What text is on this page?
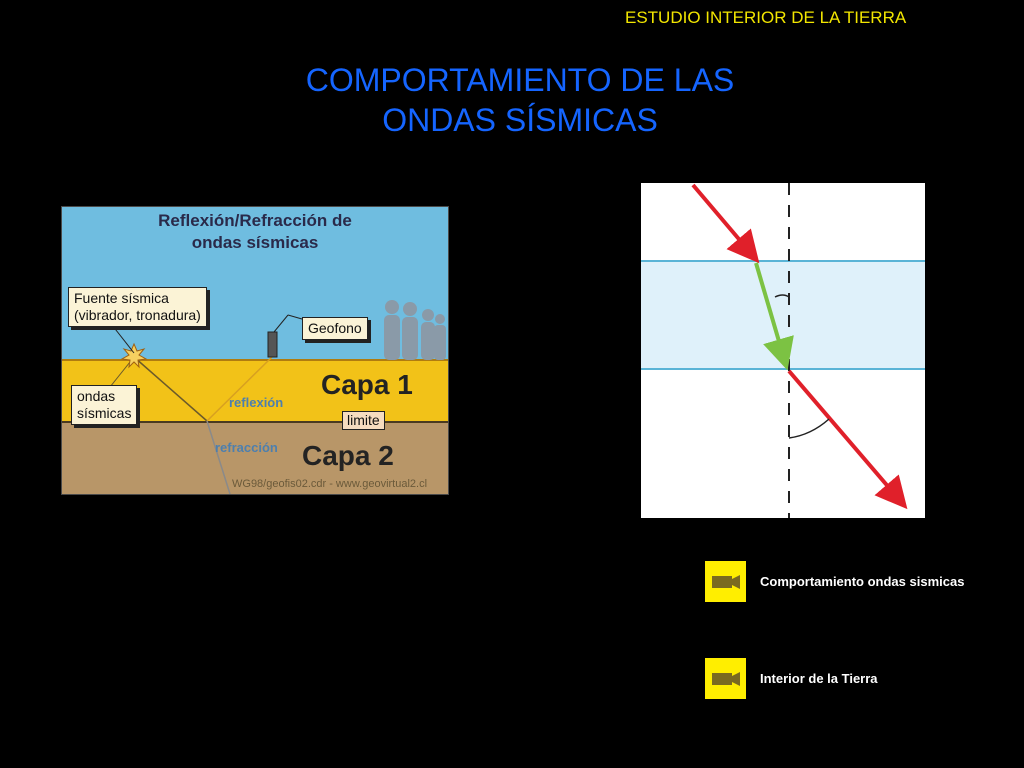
ESTUDIO INTERIOR DE LA TIERRA
COMPORTAMIENTO DE LAS
ONDAS SÍSMICAS
Reflexión/Refracción de
ondas sísmicas
Fuente sísmica
(vibrador, tronadura)
Geofono
ondas
sísmicas
Capa 1
Capa 2
reflexión
refracción
limite
WG98/geofis02.cdr - www.geovirtual2.cl
Comportamiento ondas sismicas
Interior de la Tierra
